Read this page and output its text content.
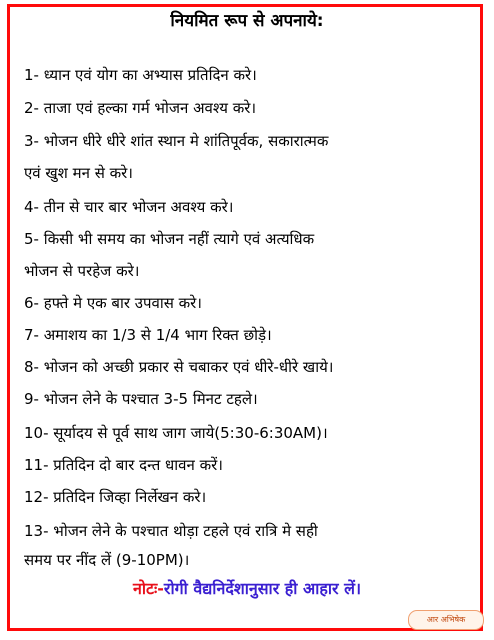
नियमित रूप से अपनाये:
1- ध्यान एवं योग का अभ्यास प्रतिदिन करे।
2- ताजा एवं हल्का गर्म भोजन अवश्य करे।
3- भोजन धीरे धीरे शांत स्थान मे शांतिपूर्वक, सकारात्मक
एवं खुश मन से करे।
4- तीन से चार बार भोजन अवश्य करे।
5- किसी भी समय का भोजन नहीं त्यागे एवं अत्यधिक
भोजन से परहेज करे।
6- हफ्ते मे एक बार उपवास करे।
7- अमाशय का 1/3 से 1/4 भाग रिक्त छोड़े।
8- भोजन को अच्छी प्रकार से चबाकर एवं धीरे-धीरे खाये।
9- भोजन लेने के पश्चात 3-5 मिनट टहले।
10- सूर्यादय से पूर्व साथ जाग जाये(5:30-6:30AM)।
11- प्रतिदिन दो बार दन्त धावन करें।
12- प्रतिदिन जिव्हा निर्लेखन करे।
13- भोजन लेने के पश्चात थोड़ा टहले एवं रात्रि मे सही
समय पर नींद लें (9-10PM)।
नोटः-रोगी वैद्यनिर्देशानुसार ही आहार लें।
आर अभिषेक
